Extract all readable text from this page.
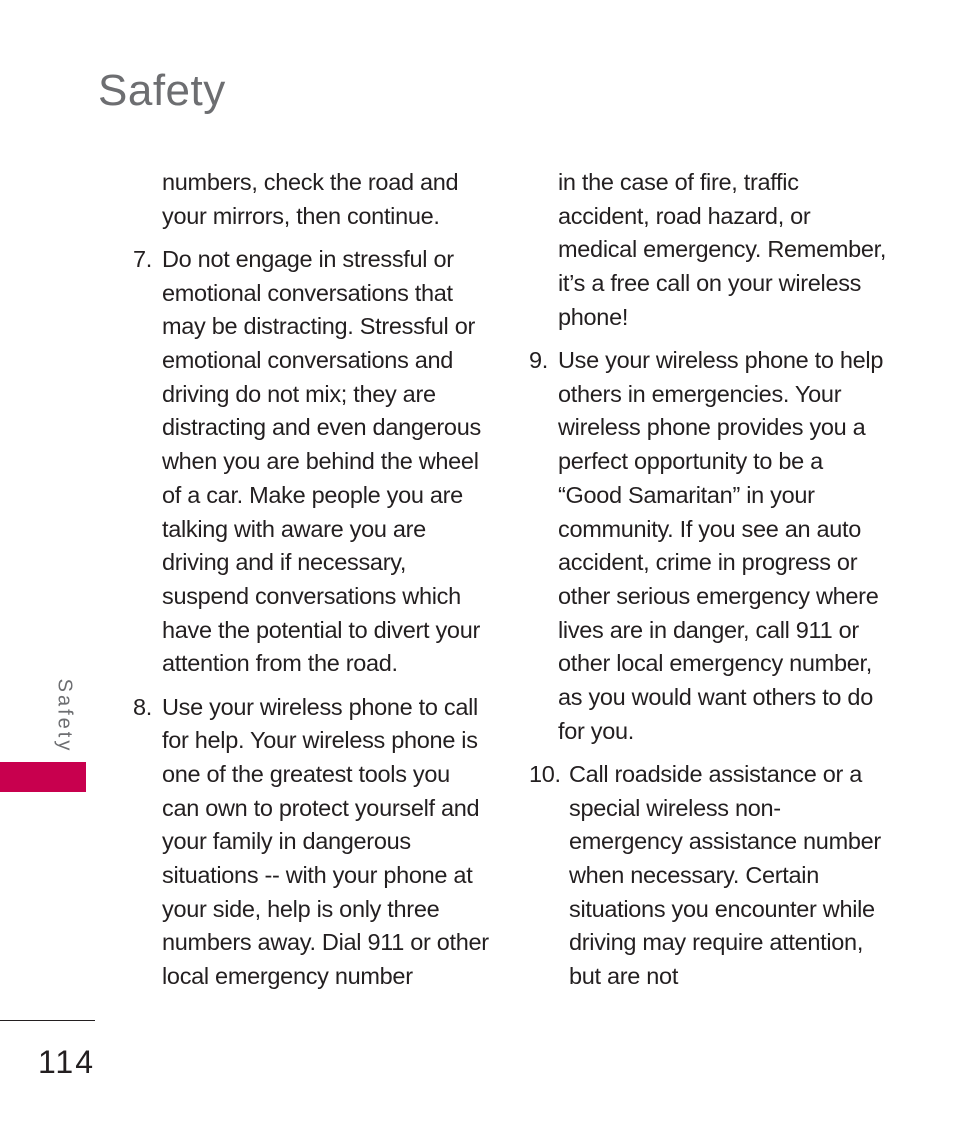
Safety

numbers, check the road and your mirrors, then continue.

7. Do not engage in stressful or emotional conversations that may be distracting. Stressful or emotional conversations and driving do not mix; they are distracting and even dangerous when you are behind the wheel of a car. Make people you are talking with aware you are driving and if necessary, suspend conversations which have the potential to divert your attention from the road.
8. Use your wireless phone to call for help. Your wireless phone is one of the greatest tools you can own to protect yourself and your family in dangerous situations -- with your phone at your side, help is only three numbers away. Dial 911 or other local emergency number

in the case of fire, traffic accident, road hazard, or medical emergency. Remember, it’s a free call on your wireless phone!

9. Use your wireless phone to help others in emergencies. Your wireless phone provides you a perfect opportunity to be a “Good Samaritan” in your community. If you see an auto accident, crime in progress or other serious emergency where lives are in danger, call 911 or other local emergency number, as you would want others to do for you.
10. Call roadside assistance or a special wireless non-emergency assistance number when necessary. Certain situations you encounter while driving may require attention, but are not
Safety
114
